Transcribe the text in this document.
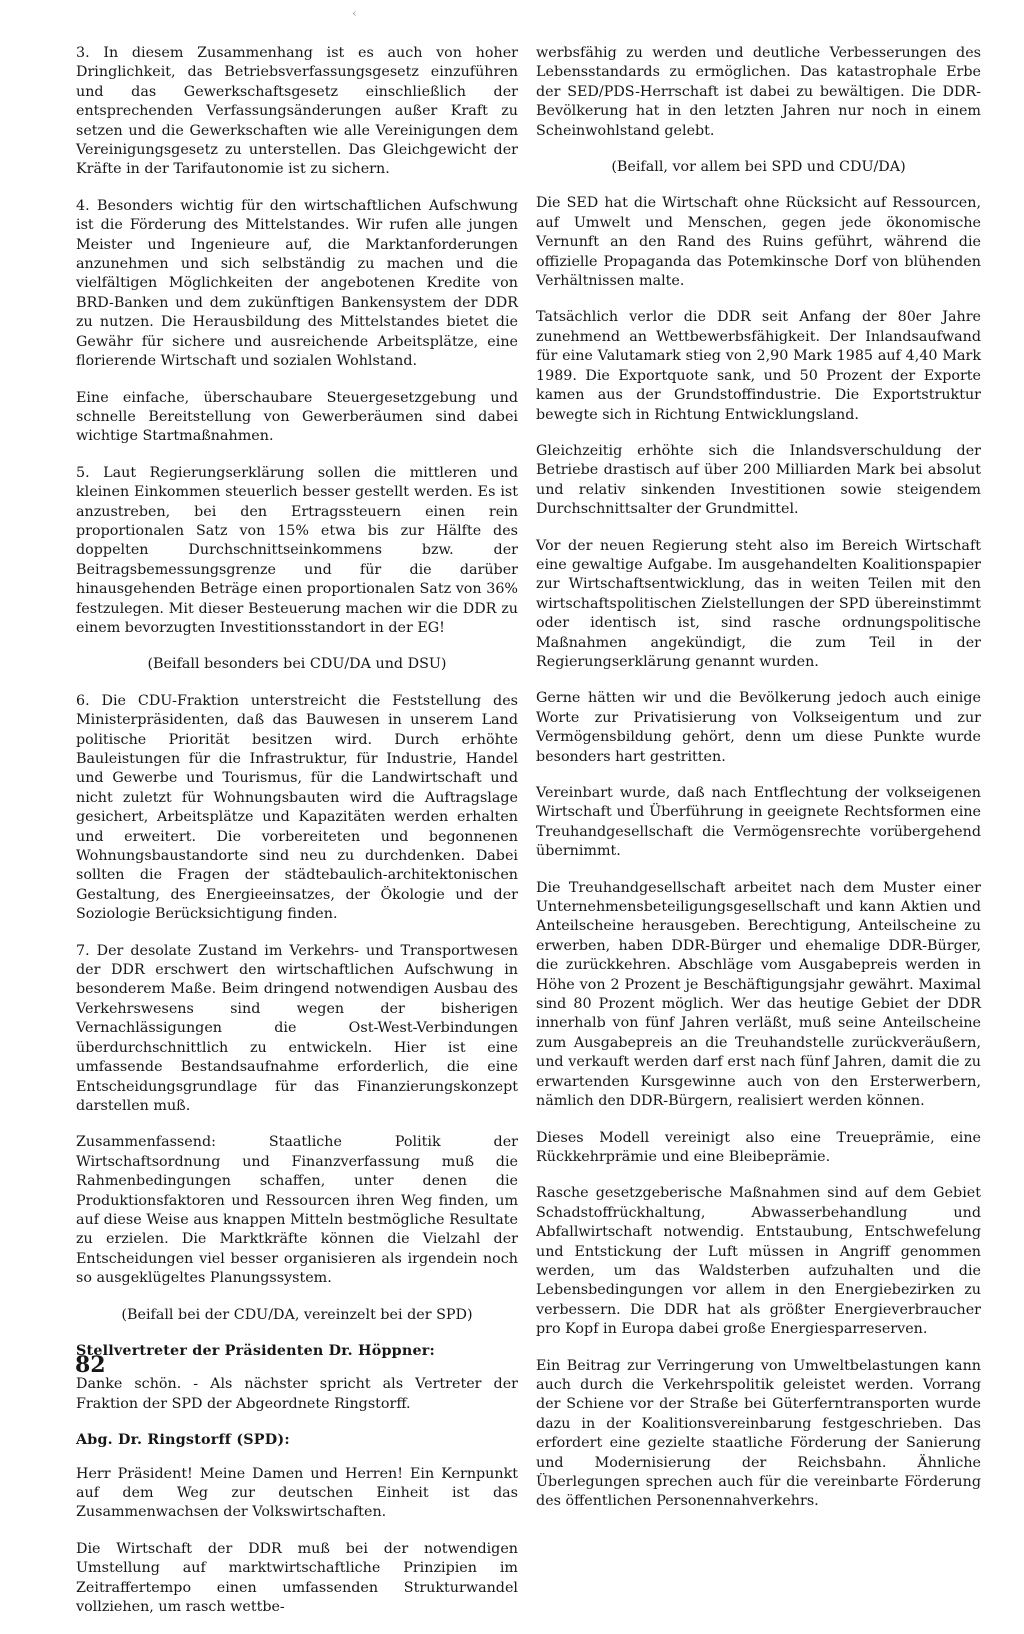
‹

3. In diesem Zusammenhang ist es auch von hoher Dringlichkeit, das Betriebsverfassungsgesetz einzuführen und das Gewerkschaftsgesetz einschließlich der entsprechenden Verfassungsänderungen außer Kraft zu setzen und die Gewerkschaften wie alle Vereinigungen dem Vereinigungsgesetz zu unterstellen. Das Gleichgewicht der Kräfte in der Tarifautonomie ist zu sichern.

4. Besonders wichtig für den wirtschaftlichen Aufschwung ist die Förderung des Mittelstandes. Wir rufen alle jungen Meister und Ingenieure auf, die Marktanforderungen anzunehmen und sich selbständig zu machen und die vielfältigen Möglichkeiten der angebotenen Kredite von BRD-Banken und dem zukünftigen Bankensystem der DDR zu nutzen. Die Herausbildung des Mittelstandes bietet die Gewähr für sichere und ausreichende Arbeitsplätze, eine florierende Wirtschaft und sozialen Wohlstand.

Eine einfache, überschaubare Steuergesetzgebung und schnelle Bereitstellung von Gewerberäumen sind dabei wichtige Startmaßnahmen.

5. Laut Regierungserklärung sollen die mittleren und kleinen Einkommen steuerlich besser gestellt werden. Es ist anzustreben, bei den Ertragssteuern einen rein proportionalen Satz von 15% etwa bis zur Hälfte des doppelten Durchschnittseinkommens bzw. der Beitragsbemessungsgrenze und für die darüber hinausgehenden Beträge einen proportionalen Satz von 36% festzulegen. Mit dieser Besteuerung machen wir die DDR zu einem bevorzugten Investitionsstandort in der EG!

(Beifall besonders bei CDU/DA und DSU)

6. Die CDU-Fraktion unterstreicht die Feststellung des Ministerpräsidenten, daß das Bauwesen in unserem Land politische Priorität besitzen wird. Durch erhöhte Bauleistungen für die Infrastruktur, für Industrie, Handel und Gewerbe und Tourismus, für die Landwirtschaft und nicht zuletzt für Wohnungsbauten wird die Auftragslage gesichert, Arbeitsplätze und Kapazitäten werden erhalten und erweitert. Die vorbereiteten und begonnenen Wohnungsbaustandorte sind neu zu durchdenken. Dabei sollten die Fragen der städtebaulich-architektonischen Gestaltung, des Energieeinsatzes, der Ökologie und der Soziologie Berücksichtigung finden.

7. Der desolate Zustand im Verkehrs- und Transportwesen der DDR erschwert den wirtschaftlichen Aufschwung in besonderem Maße. Beim dringend notwendigen Ausbau des Verkehrswesens sind wegen der bisherigen Vernachlässigungen die Ost-West-Verbindungen überdurchschnittlich zu entwickeln. Hier ist eine umfassende Bestandsaufnahme erforderlich, die eine Entscheidungsgrundlage für das Finanzierungskonzept darstellen muß.

Zusammenfassend: Staatliche Politik der Wirtschaftsordnung und Finanzverfassung muß die Rahmenbedingungen schaffen, unter denen die Produktionsfaktoren und Ressourcen ihren Weg finden, um auf diese Weise aus knappen Mitteln bestmögliche Resultate zu erzielen. Die Marktkräfte können die Vielzahl der Entscheidungen viel besser organisieren als irgendein noch so ausgeklügeltes Planungssystem.

(Beifall bei der CDU/DA, vereinzelt bei der SPD)

Stellvertreter der Präsidenten Dr. Höppner:

Danke schön. - Als nächster spricht als Vertreter der Fraktion der SPD der Abgeordnete Ringstorff.

Abg. Dr. Ringstorff (SPD):

Herr Präsident! Meine Damen und Herren! Ein Kernpunkt auf dem Weg zur deutschen Einheit ist das Zusammenwachsen der Volkswirtschaften.

Die Wirtschaft der DDR muß bei der notwendigen Umstellung auf marktwirtschaftliche Prinzipien im Zeitraffertempo einen umfassenden Strukturwandel vollziehen, um rasch wettbe-

werbsfähig zu werden und deutliche Verbesserungen des Lebensstandards zu ermöglichen. Das katastrophale Erbe der SED/PDS-Herrschaft ist dabei zu bewältigen. Die DDR-Bevölkerung hat in den letzten Jahren nur noch in einem Scheinwohlstand gelebt.

(Beifall, vor allem bei SPD und CDU/DA)

Die SED hat die Wirtschaft ohne Rücksicht auf Ressourcen, auf Umwelt und Menschen, gegen jede ökonomische Vernunft an den Rand des Ruins geführt, während die offizielle Propaganda das Potemkinsche Dorf von blühenden Verhältnissen malte.

Tatsächlich verlor die DDR seit Anfang der 80er Jahre zunehmend an Wettbewerbsfähigkeit. Der Inlandsaufwand für eine Valutamark stieg von 2,90 Mark 1985 auf 4,40 Mark 1989. Die Exportquote sank, und 50 Prozent der Exporte kamen aus der Grundstoffindustrie. Die Exportstruktur bewegte sich in Richtung Entwicklungsland.

Gleichzeitig erhöhte sich die Inlandsverschuldung der Betriebe drastisch auf über 200 Milliarden Mark bei absolut und relativ sinkenden Investitionen sowie steigendem Durchschnittsalter der Grundmittel.

Vor der neuen Regierung steht also im Bereich Wirtschaft eine gewaltige Aufgabe. Im ausgehandelten Koalitionspapier zur Wirtschaftsentwicklung, das in weiten Teilen mit den wirtschaftspolitischen Zielstellungen der SPD übereinstimmt oder identisch ist, sind rasche ordnungspolitische Maßnahmen angekündigt, die zum Teil in der Regierungserklärung genannt wurden.

Gerne hätten wir und die Bevölkerung jedoch auch einige Worte zur Privatisierung von Volkseigentum und zur Vermögensbildung gehört, denn um diese Punkte wurde besonders hart gestritten.

Vereinbart wurde, daß nach Entflechtung der volkseigenen Wirtschaft und Überführung in geeignete Rechtsformen eine Treuhandgesellschaft die Vermögensrechte vorübergehend übernimmt.

Die Treuhandgesellschaft arbeitet nach dem Muster einer Unternehmensbeteiligungsgesellschaft und kann Aktien und Anteilscheine herausgeben. Berechtigung, Anteilscheine zu erwerben, haben DDR-Bürger und ehemalige DDR-Bürger, die zurückkehren. Abschläge vom Ausgabepreis werden in Höhe von 2 Prozent je Beschäftigungsjahr gewährt. Maximal sind 80 Prozent möglich. Wer das heutige Gebiet der DDR innerhalb von fünf Jahren verläßt, muß seine Anteilscheine zum Ausgabepreis an die Treuhandstelle zurückveräußern, und verkauft werden darf erst nach fünf Jahren, damit die zu erwartenden Kursgewinne auch von den Ersterwerbern, nämlich den DDR-Bürgern, realisiert werden können.

Dieses Modell vereinigt also eine Treueprämie, eine Rückkehrprämie und eine Bleibeprämie.

Rasche gesetzgeberische Maßnahmen sind auf dem Gebiet Schadstoffrückhaltung, Abwasserbehandlung und Abfallwirtschaft notwendig. Entstaubung, Entschwefelung und Entstickung der Luft müssen in Angriff genommen werden, um das Waldsterben aufzuhalten und die Lebensbedingungen vor allem in den Energiebezirken zu verbessern. Die DDR hat als größter Energieverbraucher pro Kopf in Europa dabei große Energiesparreserven.

Ein Beitrag zur Verringerung von Umweltbelastungen kann auch durch die Verkehrspolitik geleistet werden. Vorrang der Schiene vor der Straße bei Güterferntransporten wurde dazu in der Koalitionsvereinbarung festgeschrieben. Das erfordert eine gezielte staatliche Förderung der Sanierung und Modernisierung der Reichsbahn. Ähnliche Überlegungen sprechen auch für die vereinbarte Förderung des öffentlichen Personennahverkehrs.

82
